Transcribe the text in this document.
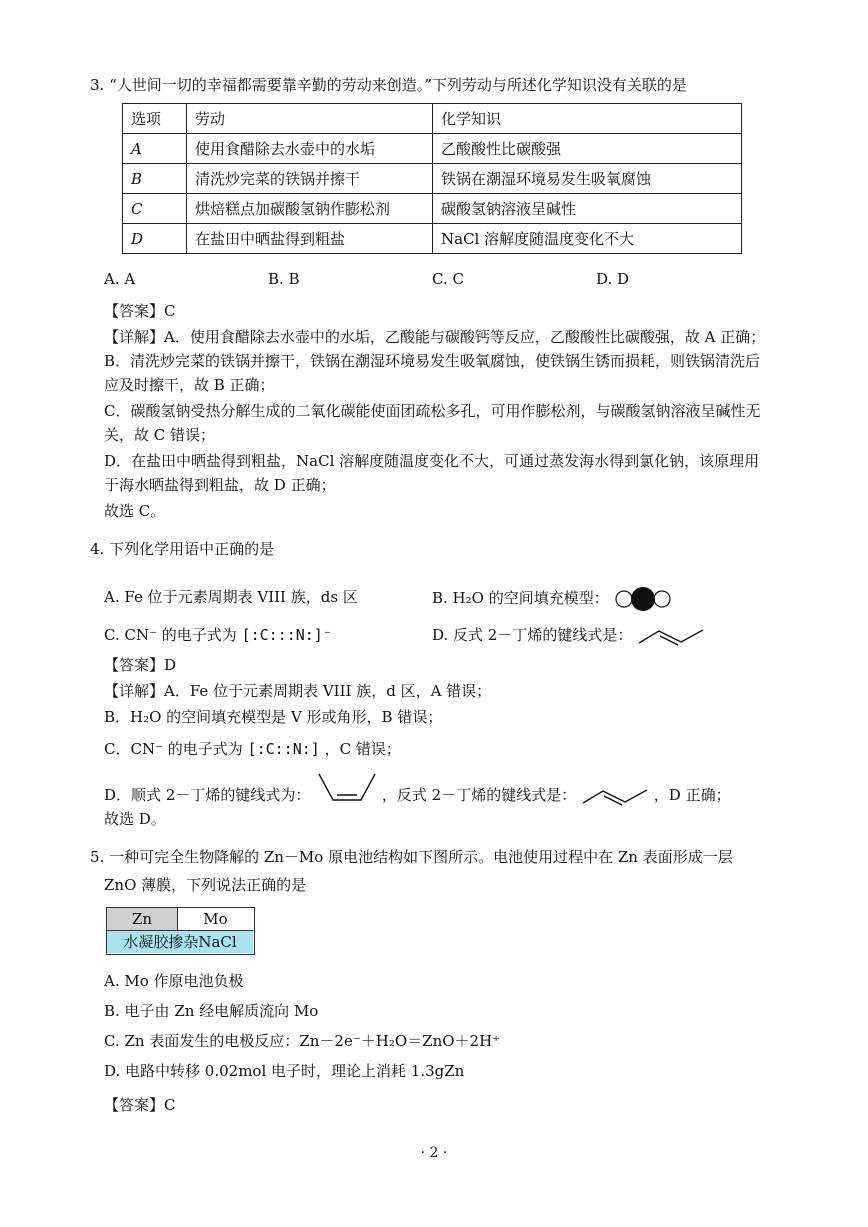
3. “人世间一切的幸福都需要靠辛勤的劳动来创造。”下列劳动与所述化学知识没有关联的是
选项	劳动	化学知识
A	使用食醋除去水壶中的水垢	乙酸酸性比碳酸强
B	清洗炒完菜的铁锅并擦干	铁锅在潮湿环境易发生吸氧腐蚀
C	烘焙糕点加碳酸氢钠作膨松剂	碳酸氢钠溶液呈碱性
D	在盐田中晒盐得到粗盐	NaCl 溶解度随温度变化不大
A. A	B. B	C. C	D. D
【答案】C
【详解】A．使用食醋除去水壶中的水垢，乙酸能与碳酸钙等反应，乙酸酸性比碳酸强，故 A 正确；
B．清洗炒完菜的铁锅并擦干，铁锅在潮湿环境易发生吸氧腐蚀，使铁锅生锈而损耗，则铁锅清洗后
应及时擦干，故 B 正确；
C．碳酸氢钠受热分解生成的二氧化碳能使面团疏松多孔，可用作膨松剂，与碳酸氢钠溶液呈碱性无
关，故 C 错误；
D．在盐田中晒盐得到粗盐，NaCl 溶解度随温度变化不大，可通过蒸发海水得到氯化钠，该原理用
于海水晒盐得到粗盐，故 D 正确；
故选 C。
4. 下列化学用语中正确的是
A. Fe 位于元素周期表 VIII 族，ds 区	B. H₂O 的空间填充模型：
C. CN⁻ 的电子式为 [:C:::N:]⁻	D. 反式 2－丁烯的键线式是：
【答案】D
【详解】A．Fe 位于元素周期表 VIII 族，d 区，A 错误；
B．H₂O 的空间填充模型是 V 形或角形，B 错误；
C．CN⁻ 的电子式为 [:C::N:] ，C 错误；
D．顺式 2－丁烯的键线式为：	，反式 2－丁烯的键线式是：	，D 正确；
故选 D。
5. 一种可完全生物降解的 Zn－Mo 原电池结构如下图所示。电池使用过程中在 Zn 表面形成一层
ZnO 薄膜，下列说法正确的是
Zn	Mo
水凝胶掺杂NaCl
A. Mo 作原电池负极
B. 电子由 Zn 经电解质流向 Mo
C. Zn 表面发生的电极反应：Zn－2e⁻＋H₂O＝ZnO＋2H⁺
D. 电路中转移 0.02mol 电子时，理论上消耗 1.3gZn
【答案】C
· 2 ·
